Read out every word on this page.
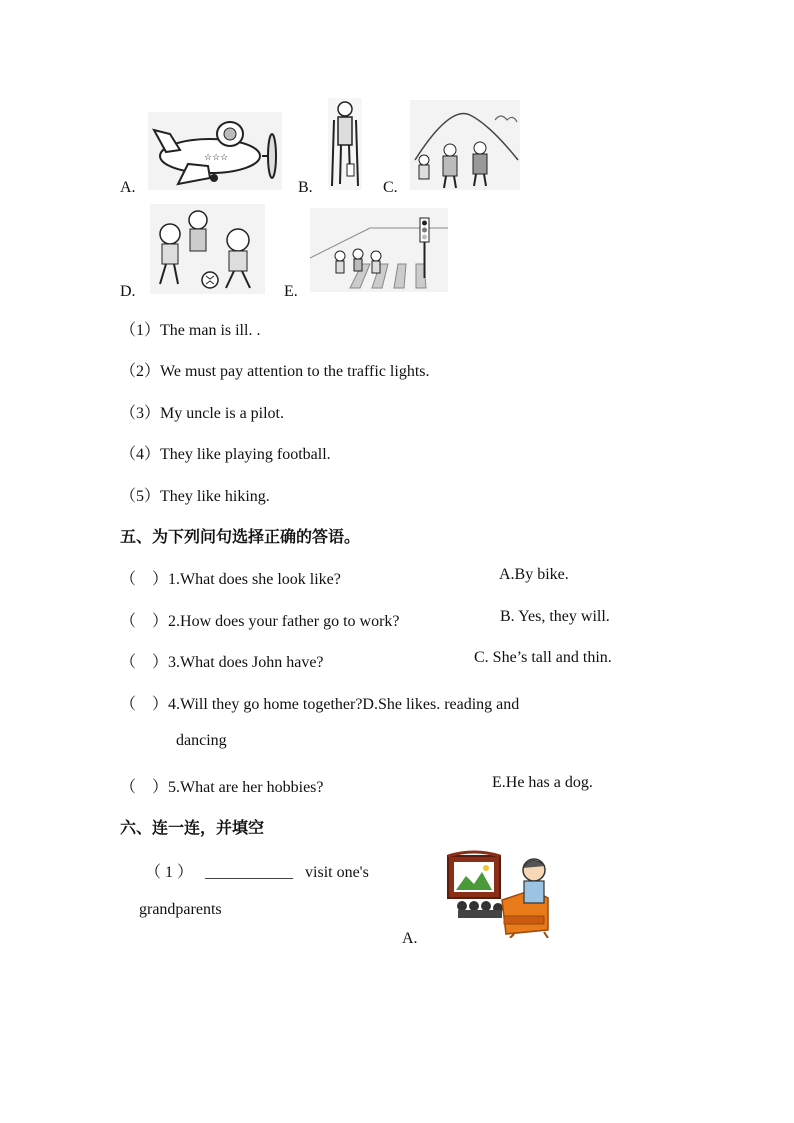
A.
☆☆☆
B.	C.
D.	E.
（1）The man is ill. .
（2）We must pay attention to the traffic lights.
（3）My uncle is a pilot.
（4）They like playing football.
（5）They like hiking.
五、为下列问句选择正确的答语。
（　）1.What does she look like?	A.By bike.
（　）2.How does your father go to work?	B. Yes, they will.
（　）3.What does John have?	C. She’s tall and thin.
（　）4.Will they go home together?D.She likes. reading and
dancing
（　）5.What are her hobbies?	E.He has a dog.
六、连一连，并填空
（ 1 ） ___________ visit one's
grandparents
A.
